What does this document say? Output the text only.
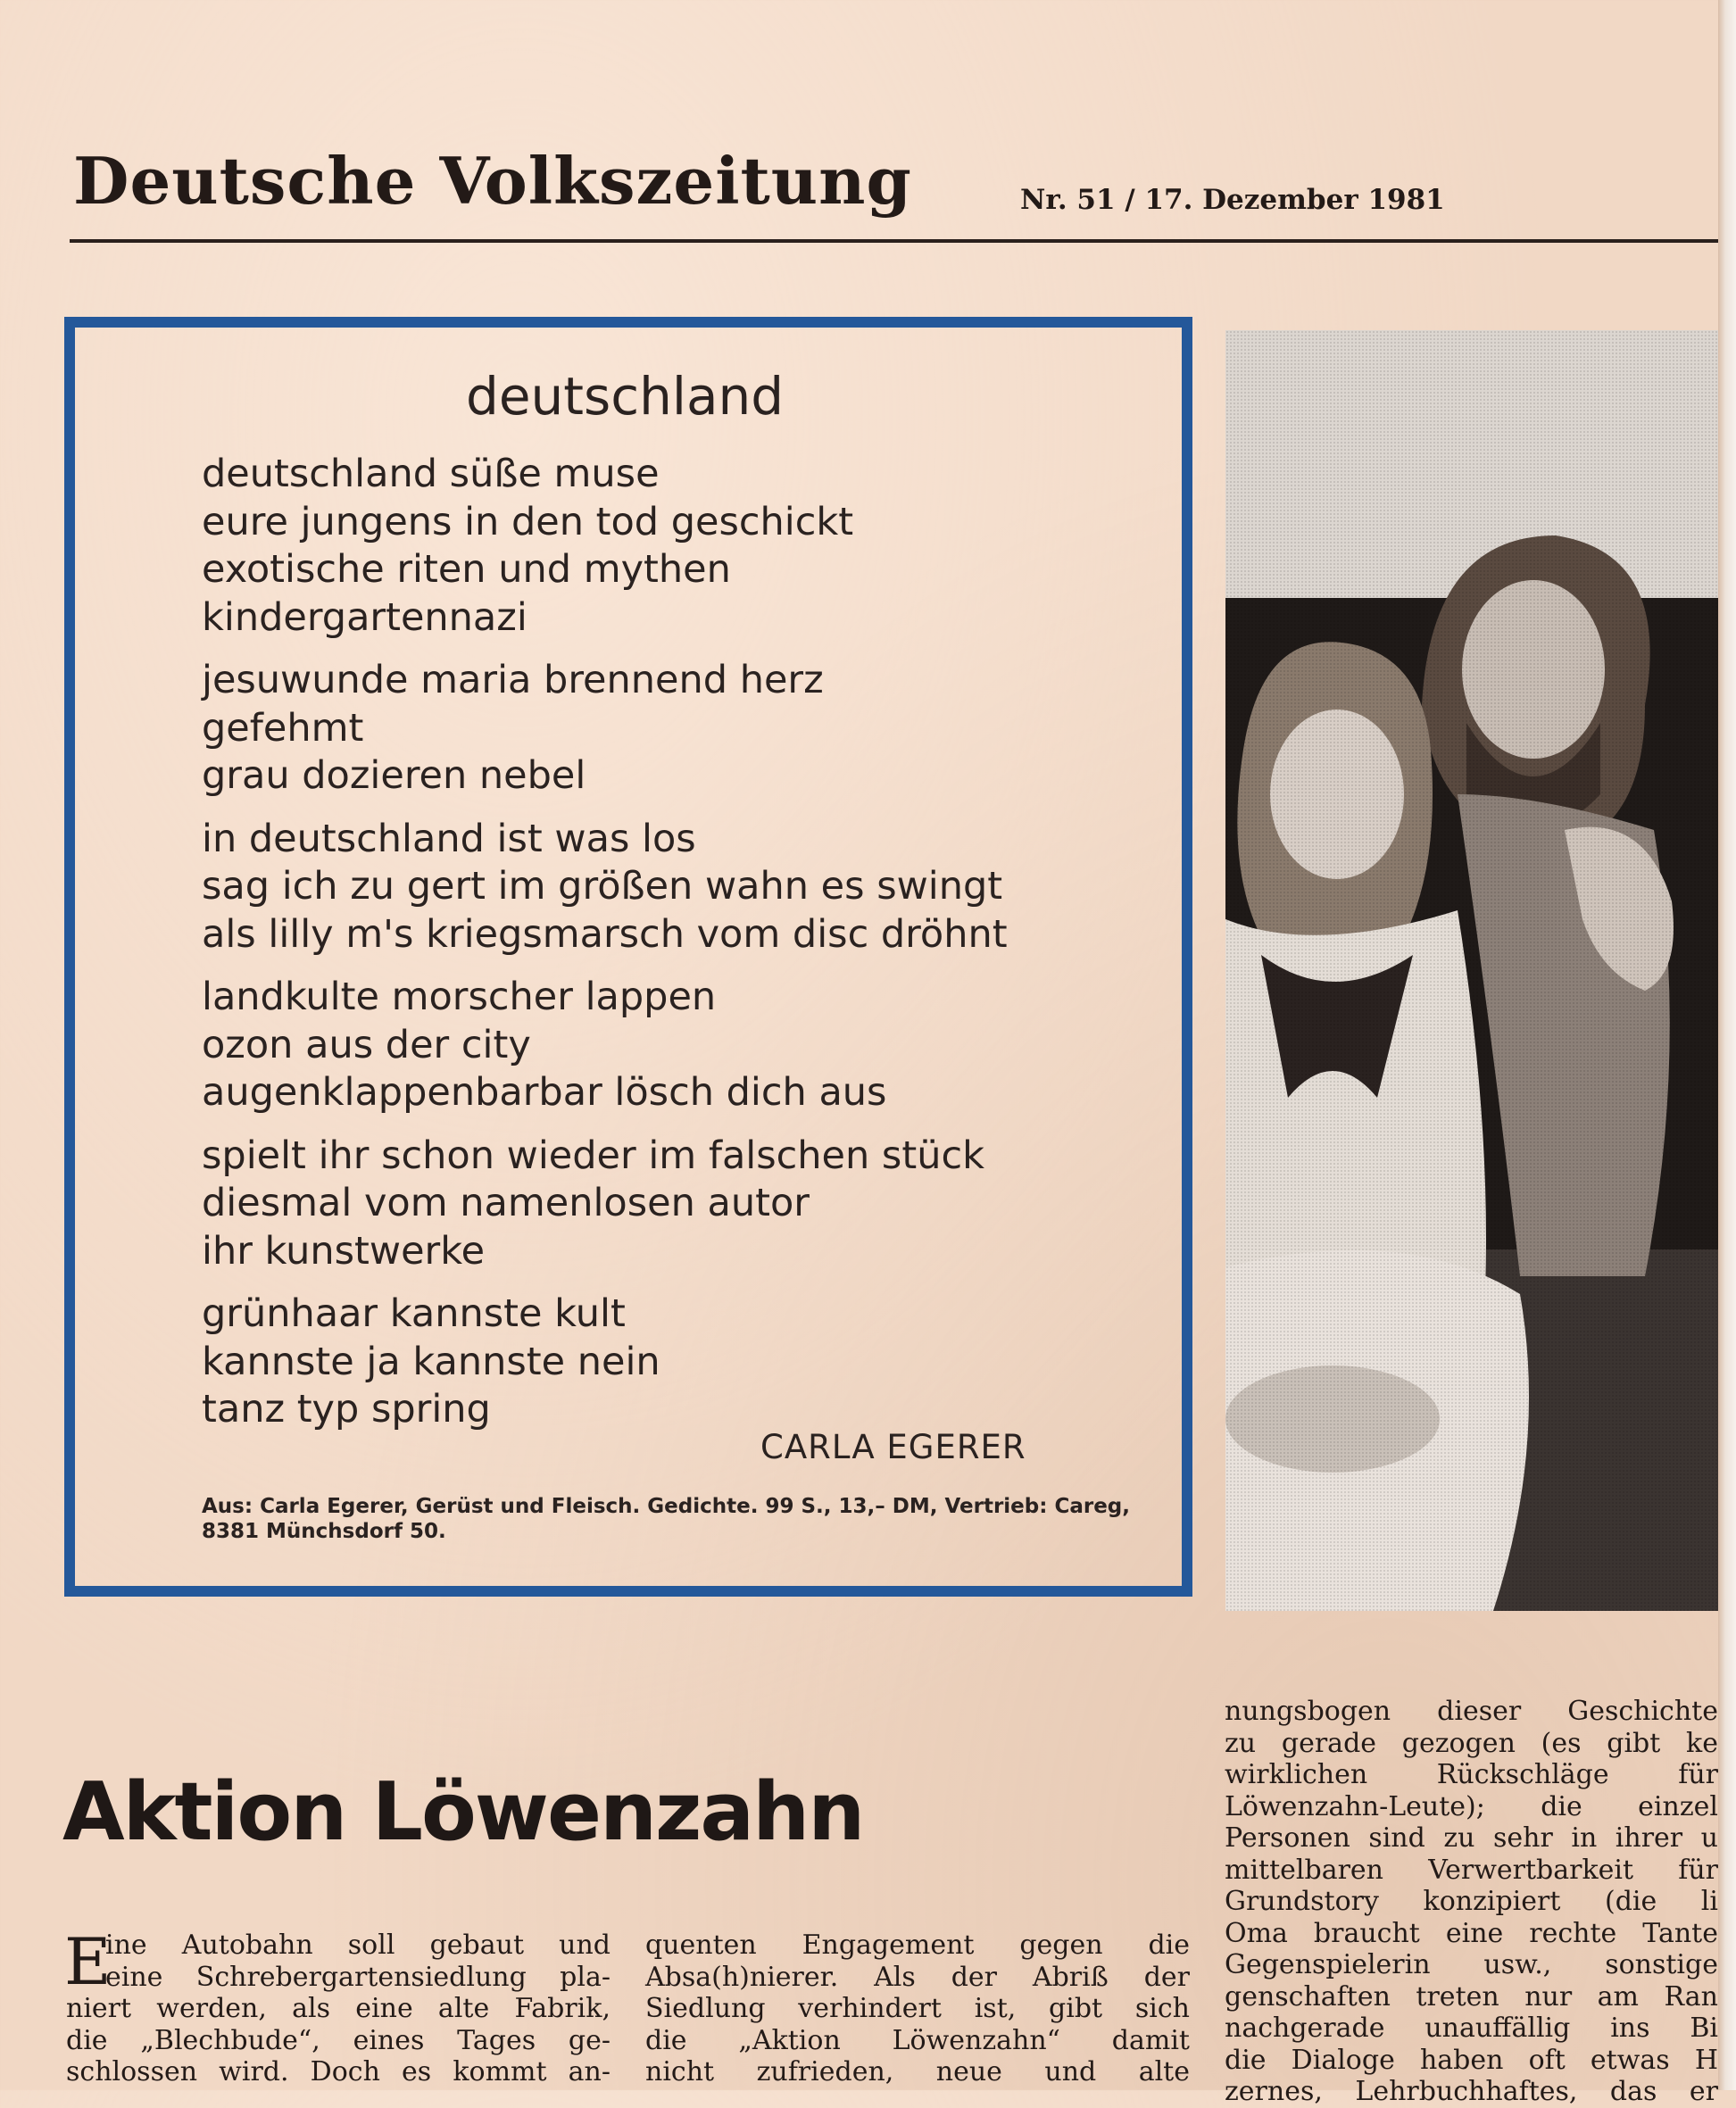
Deutsche Volkszeitung	Nr. 51 / 17. Dezember 1981
deutschland
deutschland süße muse
eure jungens in den tod geschickt
exotische riten und mythen
kindergartennazi
jesuwunde maria brennend herz
gefehmt
grau dozieren nebel
in deutschland ist was los
sag ich zu gert im größen wahn es swingt
als lilly m's kriegsmarsch vom disc dröhnt
landkulte morscher lappen
ozon aus der city
augenklappenbarbar lösch dich aus
spielt ihr schon wieder im falschen stück
diesmal vom namenlosen autor
ihr kunstwerke
grünhaar kannste kult
kannste ja kannste nein
tanz typ spring
CARLA EGERER
Aus: Carla Egerer, Gerüst und Fleisch. Gedichte. 99 S., 13,– DM, Vertrieb: Careg, 8381 Münchsdorf 50.
Aktion Löwenzahn
E
ine Autobahn soll gebaut und
eine Schrebergartensiedlung pla-
niert werden, als eine alte Fabrik,
die „Blechbude“, eines Tages ge-
schlossen wird. Doch es kommt an-
quenten Engagement gegen die
Absa(h)nierer. Als der Abriß der
Siedlung verhindert ist, gibt sich
die „Aktion Löwenzahn“ damit
nicht zufrieden, neue und alte
nungsbogen dieser Geschichte
zu gerade gezogen (es gibt ke
wirklichen Rückschläge für
Löwenzahn-Leute); die einzel
Personen sind zu sehr in ihrer u
mittelbaren Verwertbarkeit für
Grundstory konzipiert (die li
Oma braucht eine rechte Tante
Gegenspielerin usw., sonstige
genschaften treten nur am Ran
nachgerade unauffällig ins Bi
die Dialoge haben oft etwas H
zernes, Lehrbuchhaftes, das er
